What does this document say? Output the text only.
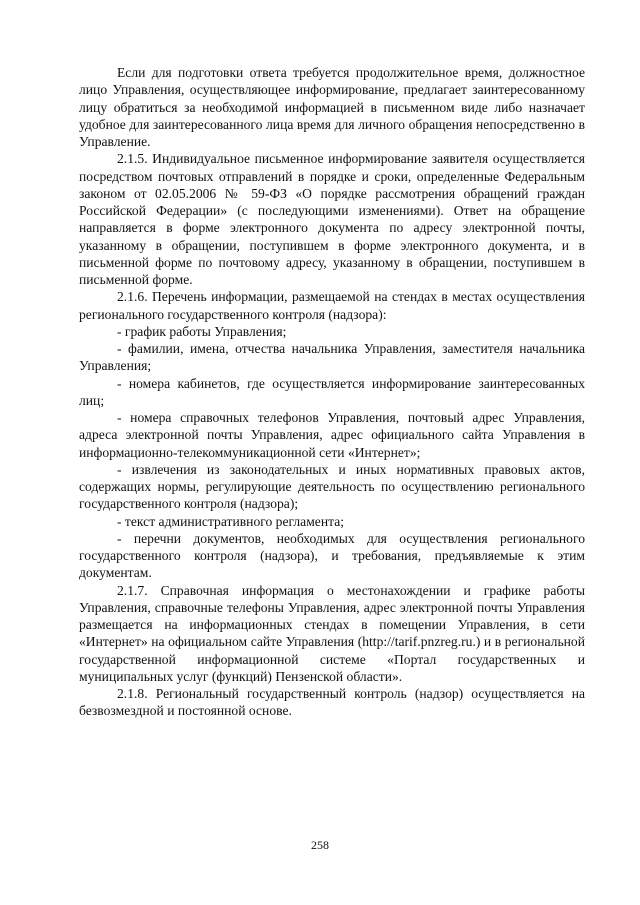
Если для подготовки ответа требуется продолжительное время, должностное лицо Управления, осуществляющее информирование, предлагает заинтересованному лицу обратиться за необходимой информацией в письменном виде либо назначает удобное для заинтересованного лица время для личного обращения непосредственно в Управление.

2.1.5. Индивидуальное письменное информирование заявителя осуществляется посредством почтовых отправлений в порядке и сроки, определенные Федеральным законом от 02.05.2006 № 59-ФЗ «О порядке рассмотрения обращений граждан Российской Федерации» (с последующими изменениями). Ответ на обращение направляется в форме электронного документа по адресу электронной почты, указанному в обращении, поступившем в форме электронного документа, и в письменной форме по почтовому адресу, указанному в обращении, поступившем в письменной форме.

2.1.6. Перечень информации, размещаемой на стендах в местах осуществления регионального государственного контроля (надзора):

- график работы Управления;

- фамилии, имена, отчества начальника Управления, заместителя начальника Управления;

- номера кабинетов, где осуществляется информирование заинтересованных лиц;

- номера справочных телефонов Управления, почтовый адрес Управления, адреса электронной почты Управления, адрес официального сайта Управления в информационно-телекоммуникационной сети «Интернет»;

- извлечения из законодательных и иных нормативных правовых актов, содержащих нормы, регулирующие деятельность по осуществлению регионального государственного контроля (надзора);

- текст административного регламента;

- перечни документов, необходимых для осуществления регионального государственного контроля (надзора), и требования, предъявляемые к этим документам.

2.1.7. Справочная информация о местонахождении и графике работы Управления, справочные телефоны Управления, адрес электронной почты Управления размещается на информационных стендах в помещении Управления, в сети «Интернет» на официальном сайте Управления (http://tarif.pnzreg.ru.) и в региональной государственной информационной системе «Портал государственных и муниципальных услуг (функций) Пензенской области».

2.1.8. Региональный государственный контроль (надзор) осуществляется на безвозмездной и постоянной основе.

258
